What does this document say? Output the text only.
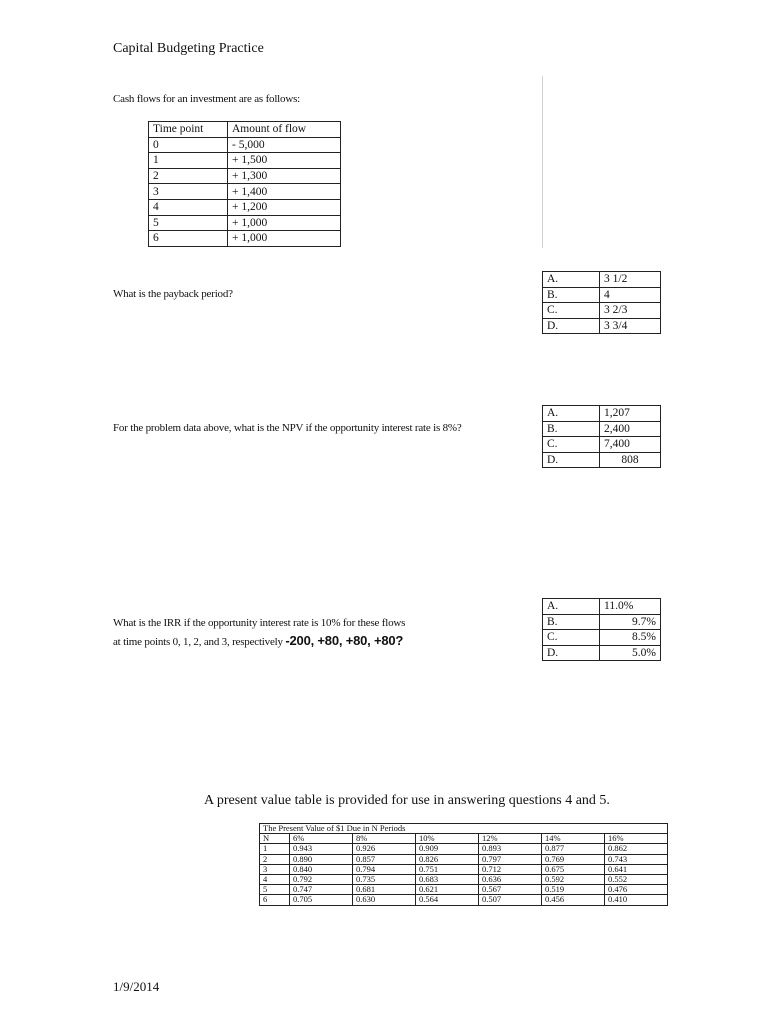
Capital Budgeting Practice
Cash flows for an investment are as follows:
Time point	Amount of flow
0	- 5,000
1	+ 1,500
2	+ 1,300
3	+ 1,400
4	+ 1,200
5	+ 1,000
6	+ 1,000
What is the payback period?
A.	3 1/2
B.	4
C.	3 2/3
D.	3 3/4
For the problem data above, what is the NPV if the opportunity interest rate is 8%?
A.	1,207
B.	2,400
C.	7,400
D.	808
What is the IRR if the opportunity interest rate is 10% for these flows
at time points 0, 1, 2, and 3, respectively -200, +80, +80, +80?
A.	11.0%
B.	9.7%
C.	8.5%
D.	5.0%
A present value table is provided for use in answering questions 4 and 5.
The Present Value of $1 Due in N Periods						
N	6%	8%	10%	12%	14%	16%
1	0.943	0.926	0.909	0.893	0.877	0.862
2	0.890	0.857	0.826	0.797	0.769	0.743
3	0.840	0.794	0.751	0.712	0.675	0.641
4	0.792	0.735	0.683	0.636	0.592	0.552
5	0.747	0.681	0.621	0.567	0.519	0.476
6	0.705	0.630	0.564	0.507	0.456	0.410
1/9/2014
